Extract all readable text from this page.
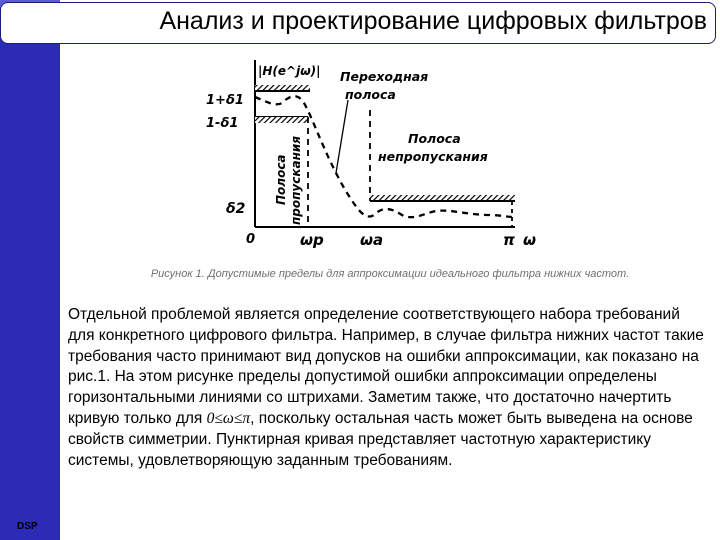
Анализ и проектирование цифровых фильтров
|H(e^jω)| Переходная
полоса
Полоса
непропускания
Полоса пропускания
1+δ1
1-δ1
δ2
0	ωp ωa	π ω
Рисунок 1. Допустимые пределы для аппроксимации идеального фильтра нижних частот.

Отдельной проблемой является определение соответствующего набора требований для конкретного цифрового фильтра. Например, в случае фильтра нижних частот такие требования часто принимают вид допусков на ошибки аппроксимации, как показано на рис.1. На этом рисунке пределы допустимой ошибки аппроксимации определены горизонтальными линиями со штрихами. Заметим также, что достаточно начертить кривую только для 0≤ω≤π, поскольку остальная часть может быть выведена на основе свойств симметрии. Пунктирная кривая представляет частотную характеристику системы, удовлетворяющую заданным требованиям.

DSP
